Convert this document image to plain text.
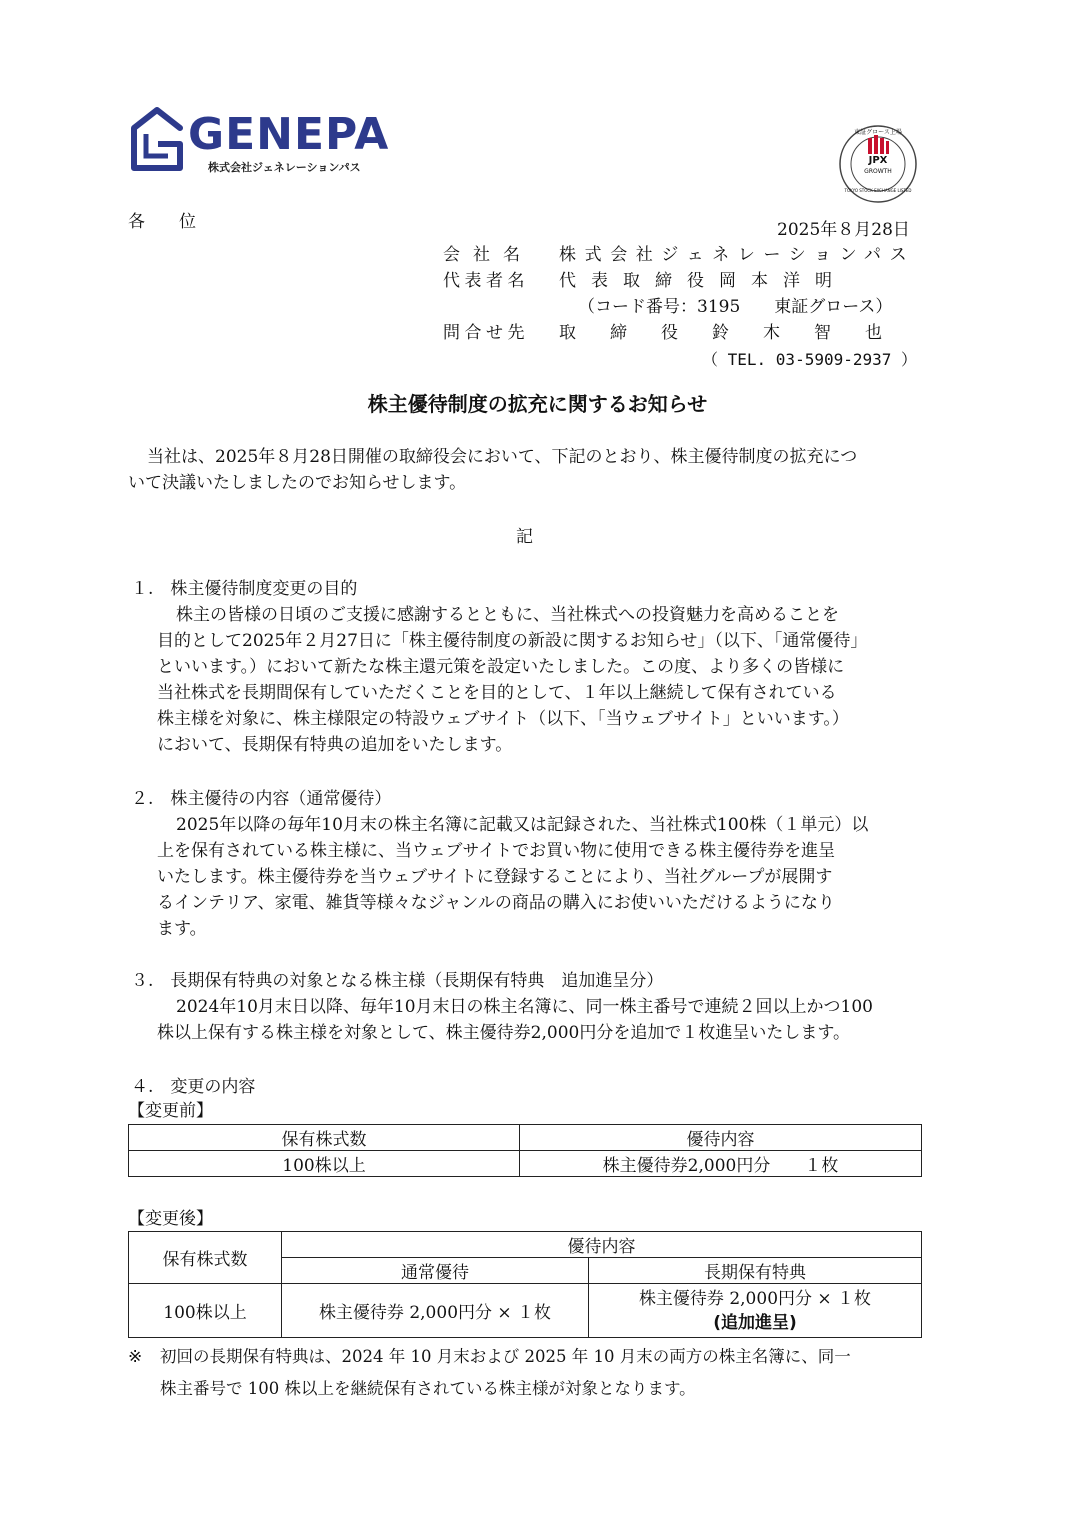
GENEPA
株式会社ジェネレーションパス
JPX
GROWTH
東証グロース上場
TOKYO STOCK EXCHANGE LISTED
各　　位	2025年８月28日
会社名 株式会社ジェネレーションパス
代表者名 代表取締役岡本洋明
（コード番号：3195　　東証グロース）
問合せ先 取締役鈴木智也
（ TEL. 03-5909-2937 ）
株主優待制度の拡充に関するお知らせ
当社は、2025年８月28日開催の取締役会において、下記のとおり、株主優待制度の拡充につ
いて決議いたしましたのでお知らせします。
記
１.　株主優待制度変更の目的
株主の皆様の日頃のご支援に感謝するとともに、当社株式への投資魅力を高めることを
目的として2025年２月27日に「株主優待制度の新設に関するお知らせ」（以下、「通常優待」
といいます。）において新たな株主還元策を設定いたしました。この度、より多くの皆様に
当社株式を長期間保有していただくことを目的として、１年以上継続して保有されている
株主様を対象に、株主様限定の特設ウェブサイト（以下、「当ウェブサイト」といいます。）
において、長期保有特典の追加をいたします。
２.　株主優待の内容（通常優待）
2025年以降の毎年10月末の株主名簿に記載又は記録された、当社株式100株（１単元）以
上を保有されている株主様に、当ウェブサイトでお買い物に使用できる株主優待券を進呈
いたします。株主優待券を当ウェブサイトに登録することにより、当社グループが展開す
るインテリア、家電、雑貨等様々なジャンルの商品の購入にお使いいただけるようになり
ます。
３.　長期保有特典の対象となる株主様（長期保有特典　追加進呈分）
2024年10月末日以降、毎年10月末日の株主名簿に、同一株主番号で連続２回以上かつ100
株以上保有する株主様を対象として、株主優待券2,000円分を追加で１枚進呈いたします。
４.　変更の内容
【変更前】
保有株式数	優待内容
100株以上	株主優待券2,000円分　　１枚
【変更後】
保有株式数	優待内容	
	通常優待	長期保有特典
100株以上	株主優待券 2,000円分 × １枚	株主優待券 2,000円分 × １枚
(追加進呈)
※ 初回の長期保有特典は、2024 年 10 月末および 2025 年 10 月末の両方の株主名簿に、同一
株主番号で 100 株以上を継続保有されている株主様が対象となります。
